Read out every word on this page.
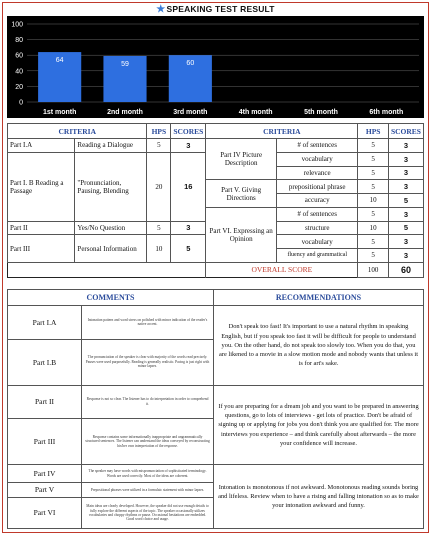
★SPEAKING TEST RESULT
0
20
40
60
80
100
64
1st month
59
2nd month
60
3rd month	4th month	5th month	6th month
CRITERIA		HPS	SCORES	CRITERIA		HPS	SCORES
Part I.A	Reading a Dialogue	5	3	Part IV Picture Description	# of sentences	5	3
Part I. B Reading a Passage	"Pronunciation, Pausing, Blending	20	16		vocabulary	5	3
					relevance	5	3
				Part V. Giving Directions	prepositional phrase	5	3
					accuracy	10	5
				Part VI. Expressing an Opinion	# of sentences	5	3
Part II	Yes/No Question	5	3		structure	10	5
Part III	Personal Information	10	5		vocabulary	5	3
					fluency and grammatical	5	3
				OVERALL SCORE		100	60
COMMENTS		RECOMMENDATIONS
Part I.A	Intonation pattern and word stress on polished with minor indication of the reader's native accent.	Don't speak too fast! It's important to use a natural rhythm in speaking English, but if you speak too fast it will be difficult for people to understand you. On the other hand, do not speak too slowly too. When you do that, you are likened to a movie in a slow motion mode and nobody wants that unless it is for art's sake.
Part I.B	The pronunciation of the speaker is clear with majority of the words read precisely. Pauses were used purposefully. Reading is generally realistic. Pacing is just right with minor lapses.	
Part II	Response is not so clear. The listener has to do interpretation in order to comprehend it.	If you are preparing for a dream job and you want to be prepared in answering questions, go to lots of interviews - get lots of practice. Don't be afraid of signing up or applying for jobs you don't think you are qualified for. The more interviews you experience – and think carefully about afterwards – the more your confidence will increase.
Part III	Response contains some informationally inappropriate and ungrammatically structured sentences. The listener can understand the ideas conveyed by reconstructing his/her own interpretation of the response.	
Part IV	The speaker may have words with mispronunciation of sophisticated terminology. Words are used correctly. Most of the ideas are coherent.	Intonation is monotonous if not awkward. Monotonous reading sounds boring and lifeless. Review when to have a rising and falling intonation so as to make your intonation awkward and funny.
Part V	Prepositional phrases were utilized in a formulaic statement with minor lapses.	
Part VI	Main ideas are clearly developed. However, the speaker did not use enough details to fully explore the different aspects of the topic. The speaker occasionally utilizes vocabularies and choppy rhythms or pause. Occasional hesitations are embedded. Good word choice and usage.	
